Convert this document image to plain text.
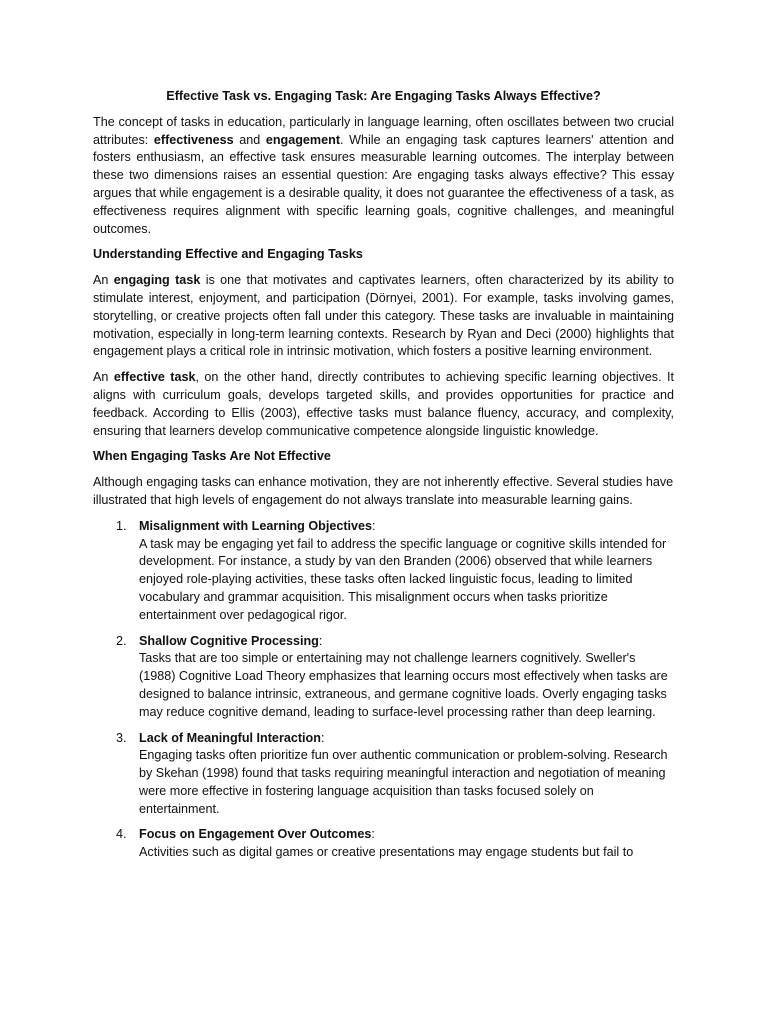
Effective Task vs. Engaging Task: Are Engaging Tasks Always Effective?

The concept of tasks in education, particularly in language learning, often oscillates between two crucial attributes: effectiveness and engagement. While an engaging task captures learners' attention and fosters enthusiasm, an effective task ensures measurable learning outcomes. The interplay between these two dimensions raises an essential question: Are engaging tasks always effective? This essay argues that while engagement is a desirable quality, it does not guarantee the effectiveness of a task, as effectiveness requires alignment with specific learning goals, cognitive challenges, and meaningful outcomes.

Understanding Effective and Engaging Tasks

An engaging task is one that motivates and captivates learners, often characterized by its ability to stimulate interest, enjoyment, and participation (Dörnyei, 2001). For example, tasks involving games, storytelling, or creative projects often fall under this category. These tasks are invaluable in maintaining motivation, especially in long-term learning contexts. Research by Ryan and Deci (2000) highlights that engagement plays a critical role in intrinsic motivation, which fosters a positive learning environment.

An effective task, on the other hand, directly contributes to achieving specific learning objectives. It aligns with curriculum goals, develops targeted skills, and provides opportunities for practice and feedback. According to Ellis (2003), effective tasks must balance fluency, accuracy, and complexity, ensuring that learners develop communicative competence alongside linguistic knowledge.

When Engaging Tasks Are Not Effective

Although engaging tasks can enhance motivation, they are not inherently effective. Several studies have illustrated that high levels of engagement do not always translate into measurable learning gains.

1. Misalignment with Learning Objectives:
A task may be engaging yet fail to address the specific language or cognitive skills intended for development. For instance, a study by van den Branden (2006) observed that while learners enjoyed role-playing activities, these tasks often lacked linguistic focus, leading to limited vocabulary and grammar acquisition. This misalignment occurs when tasks prioritize entertainment over pedagogical rigor.
2. Shallow Cognitive Processing:
Tasks that are too simple or entertaining may not challenge learners cognitively. Sweller's (1988) Cognitive Load Theory emphasizes that learning occurs most effectively when tasks are designed to balance intrinsic, extraneous, and germane cognitive loads. Overly engaging tasks may reduce cognitive demand, leading to surface-level processing rather than deep learning.
3. Lack of Meaningful Interaction:
Engaging tasks often prioritize fun over authentic communication or problem-solving. Research by Skehan (1998) found that tasks requiring meaningful interaction and negotiation of meaning were more effective in fostering language acquisition than tasks focused solely on entertainment.
4. Focus on Engagement Over Outcomes:
Activities such as digital games or creative presentations may engage students but fail to
